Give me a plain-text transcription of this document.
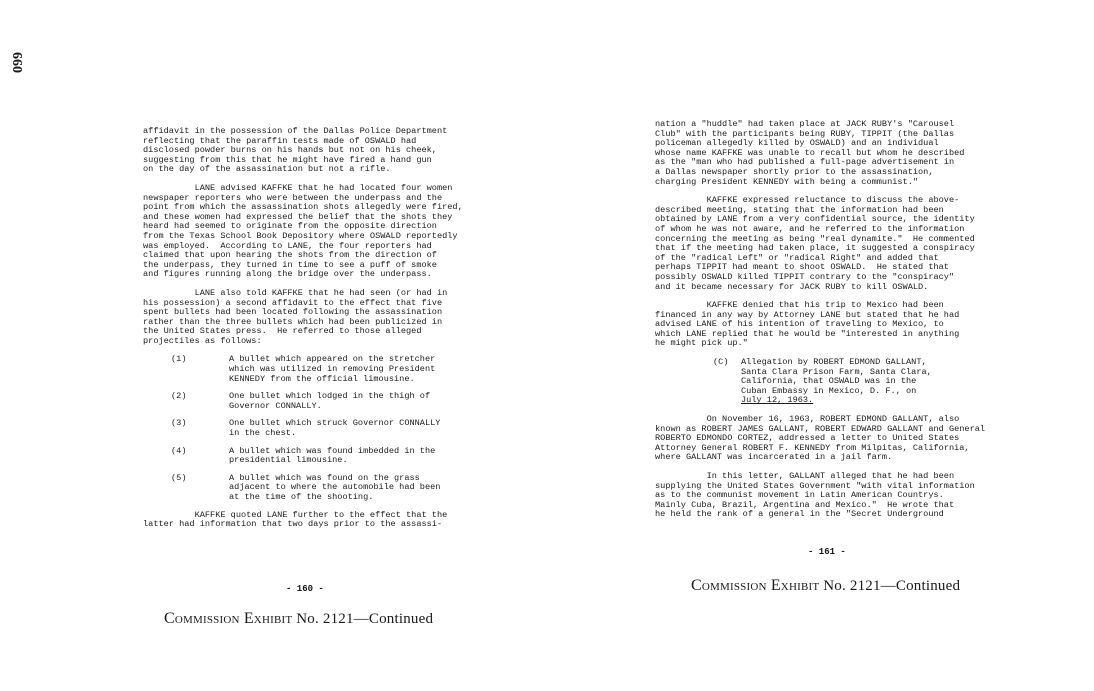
660
affidavit in the possession of the Dallas Police Department
reflecting that the paraffin tests made of OSWALD had
disclosed powder burns on his hands but not on his cheek,
suggesting from this that he might have fired a hand gun
on the day of the assassination but not a rifle.
LANE advised KAFFKE that he had located four women
newspaper reporters who were between the underpass and the
point from which the assassination shots allegedly were fired,
and these women had expressed the belief that the shots they
heard had seemed to originate from the opposite direction
from the Texas School Book Depository where OSWALD reportedly
was employed.  According to LANE, the four reporters had
claimed that upon hearing the shots from the direction of
the underpass, they turned in time to see a puff of smoke
and figures running along the bridge over the underpass.
LANE also told KAFFKE that he had seen (or had in
his possession) a second affidavit to the effect that five
spent bullets had been located following the assassination
rather than the three bullets which had been publicized in
the United States press.  He referred to those alleged
projectiles as follows:
(1)	A bullet which appeared on the stretcher
which was utilized in removing President
KENNEDY from the official limousine.
(2)	One bullet which lodged in the thigh of
Governor CONNALLY.
(3)	One bullet which struck Governor CONNALLY
in the chest.
(4)	A bullet which was found imbedded in the
presidential limousine.
(5)	A bullet which was found on the grass
adjacent to where the automobile had been
at the time of the shooting.
KAFFKE quoted LANE further to the effect that the
latter had information that two days prior to the assassi-
- 160 -
Commission Exhibit No. 2121—Continued
nation a "huddle" had taken place at JACK RUBY's "Carousel
Club" with the participants being RUBY, TIPPIT (the Dallas
policeman allegedly killed by OSWALD) and an individual
whose name KAFFKE was unable to recall but whom he described
as the "man who had published a full-page advertisement in
a Dallas newspaper shortly prior to the assassination,
charging President KENNEDY with being a communist."
KAFFKE expressed reluctance to discuss the above-
described meeting, stating that the information had been
obtained by LANE from a very confidential source, the identity
of whom he was not aware, and he referred to the information
concerning the meeting as being "real dynamite."  He commented
that if the meeting had taken place, it suggested a conspiracy
of the "radical Left" or "radical Right" and added that
perhaps TIPPIT had meant to shoot OSWALD.  He stated that
possibly OSWALD killed TIPPIT contrary to the "conspiracy"
and it became necessary for JACK RUBY to kill OSWALD.
KAFFKE denied that his trip to Mexico had been
financed in any way by Attorney LANE but stated that he had
advised LANE of his intention of traveling to Mexico, to
which LANE replied that he would be "interested in anything
he might pick up."
(C)	Allegation by ROBERT EDMOND GALLANT,
Santa Clara Prison Farm, Santa Clara,
California, that OSWALD was in the
Cuban Embassy in Mexico, D. F., on
July 12, 1963.
On November 16, 1963, ROBERT EDMOND GALLANT, also
known as ROBERT JAMES GALLANT, ROBERT EDWARD GALLANT and General
ROBERTO EDMONDO CORTEZ, addressed a letter to United States
Attorney General ROBERT F. KENNEDY from Milpitas, California,
where GALLANT was incarcerated in a jail farm.
In this letter, GALLANT alleged that he had been
supplying the United States Government "with vital information
as to the communist movement in Latin American Countrys.
Mainly Cuba, Brazil, Argentina and Mexico."  He wrote that
he held the rank of a general in the "Secret Underground
- 161 -
Commission Exhibit No. 2121—Continued
